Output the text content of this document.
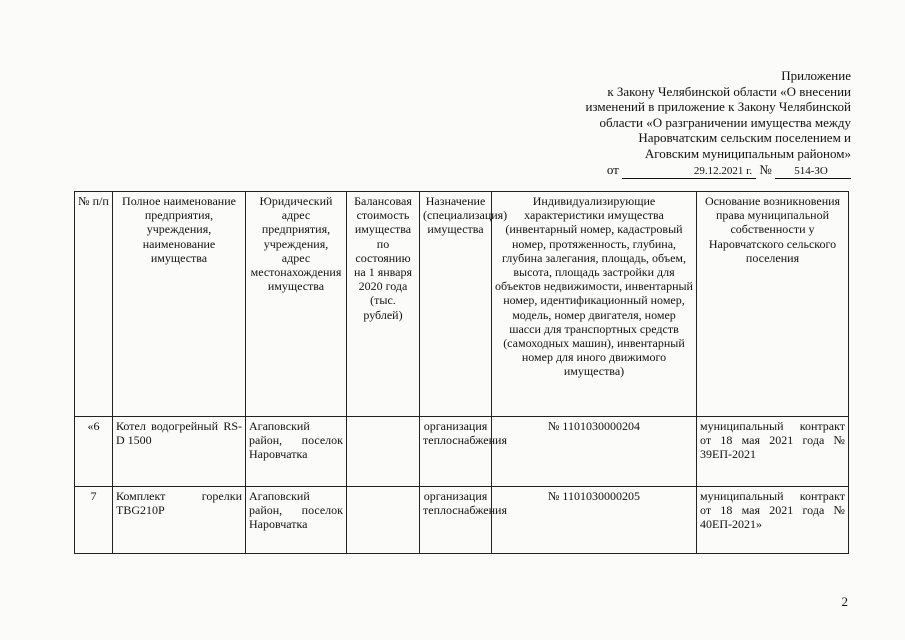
Приложение
к Закону Челябинской области «О внесении
изменений в приложение к Закону Челябинской
области «О разграничении имущества между
Наровчатским сельским поселением и
Аговским муниципальным районом»
от	29.12.2021 г. № 514-ЗО
№ п/п	Полное наименование предприятия, учреждения, наименование имущества	Юридический адрес предприятия, учреждения, адрес местонахождения имущества	Балансовая стоимость имущества по состоянию на 1 января 2020 года (тыс. рублей)	Назначение (специализация) имущества	Индивидуализирующие характеристики имущества (инвентарный номер, кадастровый номер, протяженность, глубина, глубина залегания, площадь, объем, высота, площадь застройки для объектов недвижимости, инвентарный номер, идентификационный номер, модель, номер двигателя, номер шасси для транспортных средств (самоходных машин), инвентарный номер для иного движимого имущества)	Основание возникновения права муниципальной собственности у Наровчатского сельского поселения
«6	Котел водогрейный RS-D 1500	Агаповский район, поселок Наровчатка		организация теплоснабжения	№ 1101030000204	муниципальный контракт от 18 мая 2021 года № 39ЕП-2021
7	Комплект горелки TBG210P	Агаповский район, поселок Наровчатка		организация теплоснабжения	№ 1101030000205	муниципальный контракт от 18 мая 2021 года № 40ЕП-2021»
2
